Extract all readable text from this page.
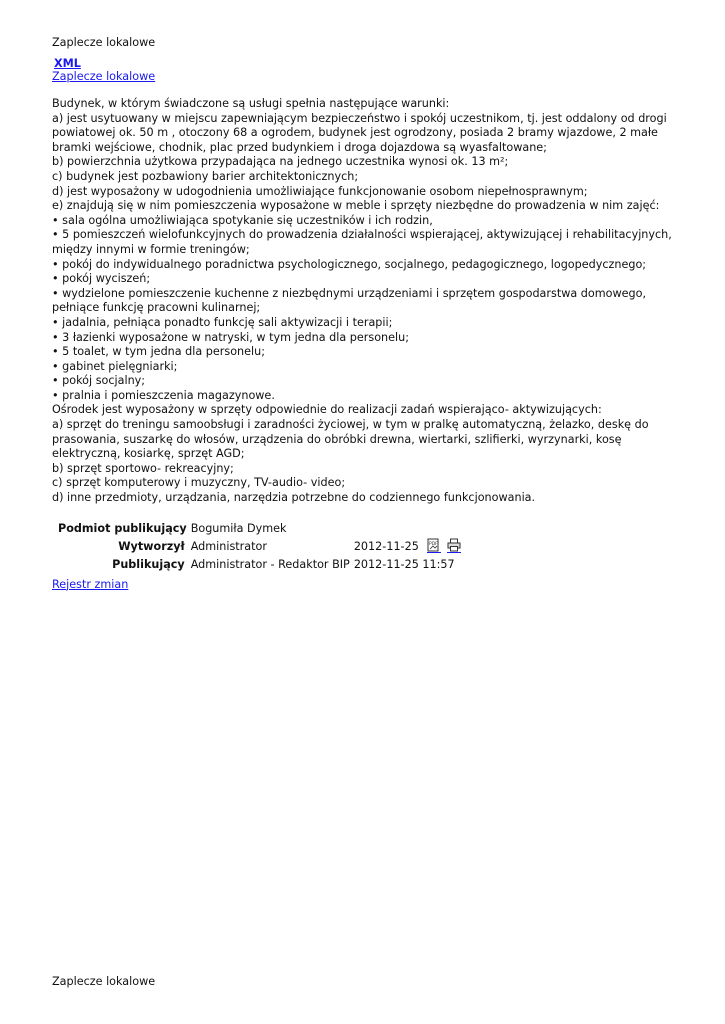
Zaplecze lokalowe
XML
Zaplecze lokalowe

Budynek, w którym świadczone są usługi spełnia następujące warunki:

a) jest usytuowany w miejscu zapewniającym bezpieczeństwo i spokój uczestnikom, tj. jest oddalony od drogi powiatowej ok. 50 m , otoczony 68 a ogrodem, budynek jest ogrodzony, posiada 2 bramy wjazdowe, 2 małe bramki wejściowe, chodnik, plac przed budynkiem i droga dojazdowa są wyasfaltowane;

b) powierzchnia użytkowa przypadająca na jednego uczestnika wynosi ok. 13 m²;

c) budynek jest pozbawiony barier architektonicznych;

d) jest wyposażony w udogodnienia umożliwiające funkcjonowanie osobom niepełnosprawnym;

e) znajdują się w nim pomieszczenia wyposażone w meble i sprzęty niezbędne do prowadzenia w nim zajęć:

• sala ogólna umożliwiająca spotykanie się uczestników i ich rodzin,

• 5 pomieszczeń wielofunkcyjnych do prowadzenia działalności wspierającej, aktywizującej i rehabilitacyjnych, między innymi w formie treningów;

• pokój do indywidualnego poradnictwa psychologicznego, socjalnego, pedagogicznego, logopedycznego;

• pokój wyciszeń;

• wydzielone pomieszczenie kuchenne z niezbędnymi urządzeniami i sprzętem gospodarstwa domowego, pełniące funkcję pracowni kulinarnej;

• jadalnia, pełniąca ponadto funkcję sali aktywizacji i terapii;

• 3 łazienki wyposażone w natryski, w tym jedna dla personelu;

• 5 toalet, w tym jedna dla personelu;

• gabinet pielęgniarki;

• pokój socjalny;

• pralnia i pomieszczenia magazynowe.

Ośrodek jest wyposażony w sprzęty odpowiednie do realizacji zadań wspierająco- aktywizujących:

a) sprzęt do treningu samoobsługi i zaradności życiowej, w tym w pralkę automatyczną, żelazko, deskę do prasowania, suszarkę do włosów, urządzenia do obróbki drewna, wiertarki, szlifierki, wyrzynarki, kosę elektryczną, kosiarkę, sprzęt AGD;

b) sprzęt sportowo- rekreacyjny;

c) sprzęt komputerowy i muzyczny, TV-audio- video;

d) inne przedmioty, urządzania, narzędzia potrzebne do codziennego funkcjonowania.

Podmiot publikujący	Bogumiła Dymek		
Wytworzył	Administrator	2012-11-25	PDF

Publikujący	Administrator - Redaktor BIP	2012-11-25 11:57	
Rejestr zmian
Zaplecze lokalowe
